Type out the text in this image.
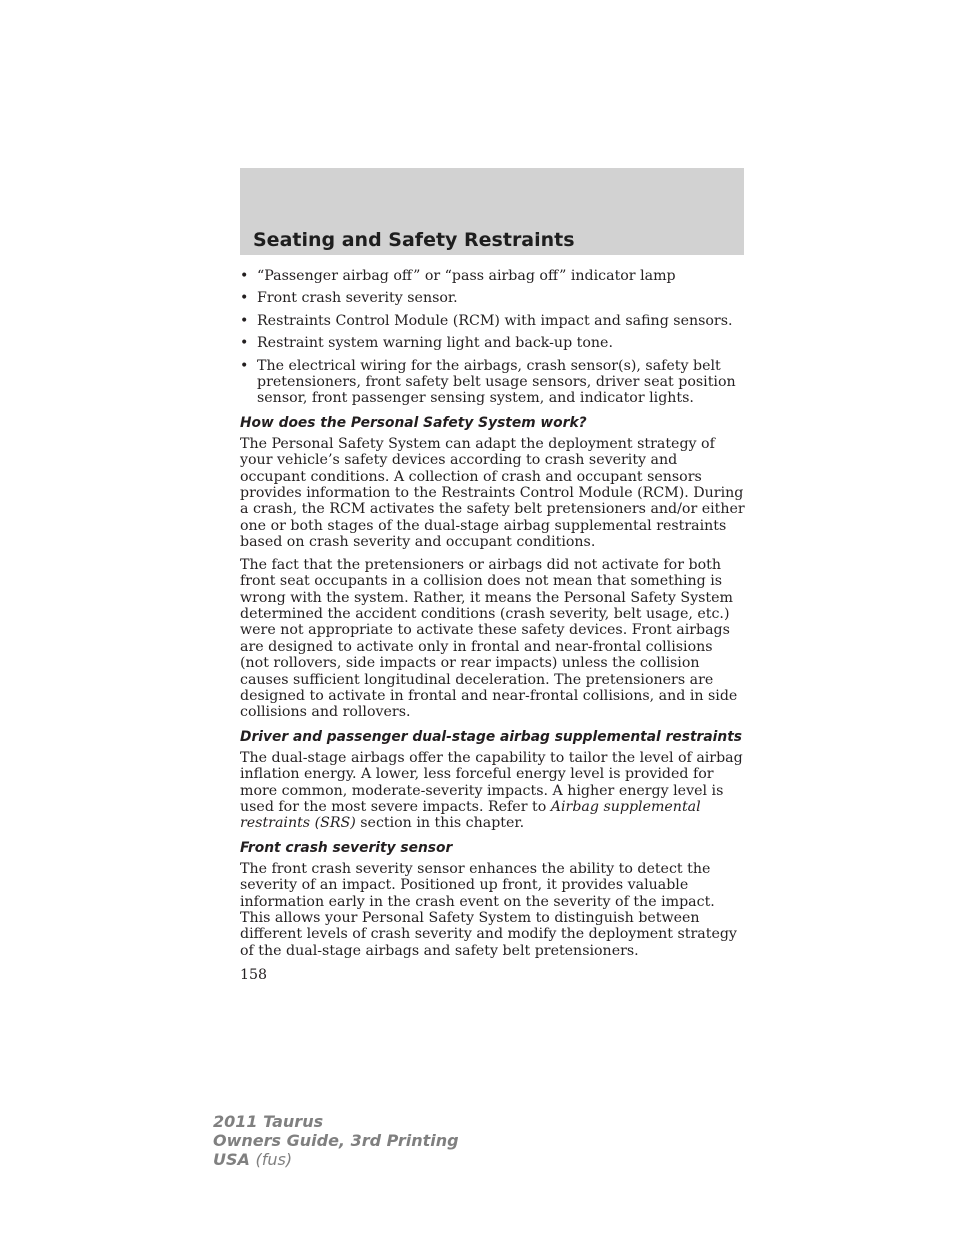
Seating and Safety Restraints
• “Passenger airbag off” or “pass airbag off” indicator lamp
• Front crash severity sensor.
• Restraints Control Module (RCM) with impact and safing sensors.
• Restraint system warning light and back-up tone.
• The electrical wiring for the airbags, crash sensor(s), safety belt pretensioners, front safety belt usage sensors, driver seat position sensor, front passenger sensing system, and indicator lights.
How does the Personal Safety System work?

The Personal Safety System can adapt the deployment strategy of your vehicle’s safety devices according to crash severity and occupant conditions. A collection of crash and occupant sensors provides information to the Restraints Control Module (RCM). During a crash, the RCM activates the safety belt pretensioners and/or either one or both stages of the dual-stage airbag supplemental restraints based on crash severity and occupant conditions.

The fact that the pretensioners or airbags did not activate for both front seat occupants in a collision does not mean that something is wrong with the system. Rather, it means the Personal Safety System determined the accident conditions (crash severity, belt usage, etc.) were not appropriate to activate these safety devices. Front airbags are designed to activate only in frontal and near-frontal collisions (not rollovers, side impacts or rear impacts) unless the collision causes sufficient longitudinal deceleration. The pretensioners are designed to activate in frontal and near-frontal collisions, and in side collisions and rollovers.

Driver and passenger dual-stage airbag supplemental restraints

The dual-stage airbags offer the capability to tailor the level of airbag inflation energy. A lower, less forceful energy level is provided for more common, moderate-severity impacts. A higher energy level is used for the most severe impacts. Refer to Airbag supplemental restraints (SRS) section in this chapter.

Front crash severity sensor

The front crash severity sensor enhances the ability to detect the severity of an impact. Positioned up front, it provides valuable information early in the crash event on the severity of the impact. This allows your Personal Safety System to distinguish between different levels of crash severity and modify the deployment strategy of the dual-stage airbags and safety belt pretensioners.

158
2011 Taurus
Owners Guide, 3rd Printing
USA (fus)
